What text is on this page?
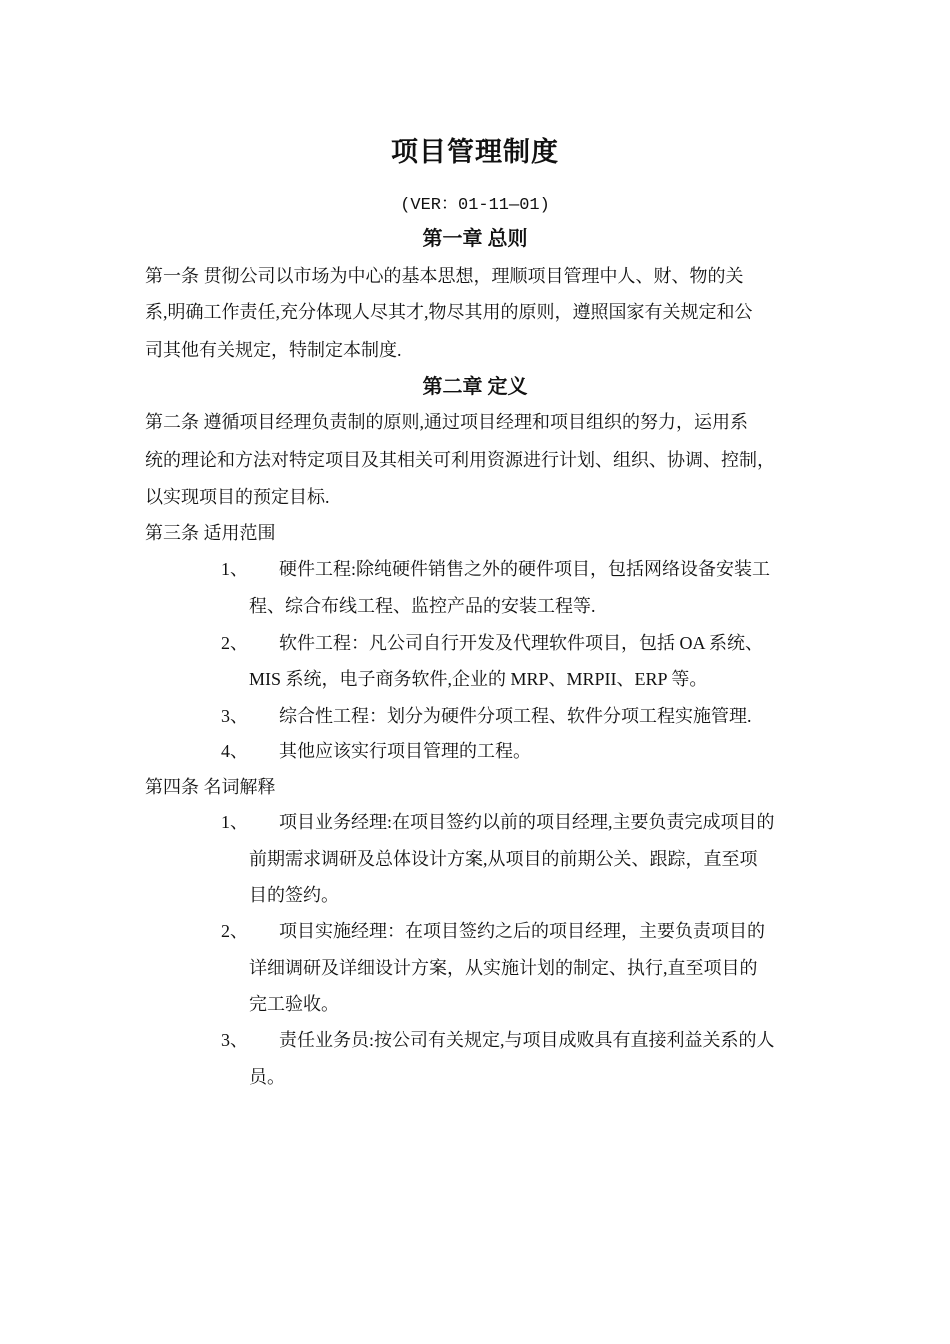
项目管理制度
(VER：01-11—01)
第一章 总则
第一条 贯彻公司以市场为中心的基本思想，理顺项目管理中人、财、物的关
系,明确工作责任,充分体现人尽其才,物尽其用的原则，遵照国家有关规定和公
司其他有关规定，特制定本制度.
第二章 定义
第二条 遵循项目经理负责制的原则,通过项目经理和项目组织的努力，运用系
统的理论和方法对特定项目及其相关可利用资源进行计划、组织、协调、控制，
以实现项目的预定目标.
第三条 适用范围
1、 硬件工程:除纯硬件销售之外的硬件项目，包括网络设备安装工
程、综合布线工程、监控产品的安装工程等.
2、 软件工程：凡公司自行开发及代理软件项目，包括 OA 系统、
MIS 系统，电子商务软件,企业的 MRP、MRPII、ERP 等。
3、 综合性工程：划分为硬件分项工程、软件分项工程实施管理.
4、 其他应该实行项目管理的工程。
第四条 名词解释
1、 项目业务经理:在项目签约以前的项目经理,主要负责完成项目的
前期需求调研及总体设计方案,从项目的前期公关、跟踪，直至项
目的签约。
2、 项目实施经理：在项目签约之后的项目经理，主要负责项目的
详细调研及详细设计方案，从实施计划的制定、执行,直至项目的
完工验收。
3、 责任业务员:按公司有关规定,与项目成败具有直接利益关系的人
员。
